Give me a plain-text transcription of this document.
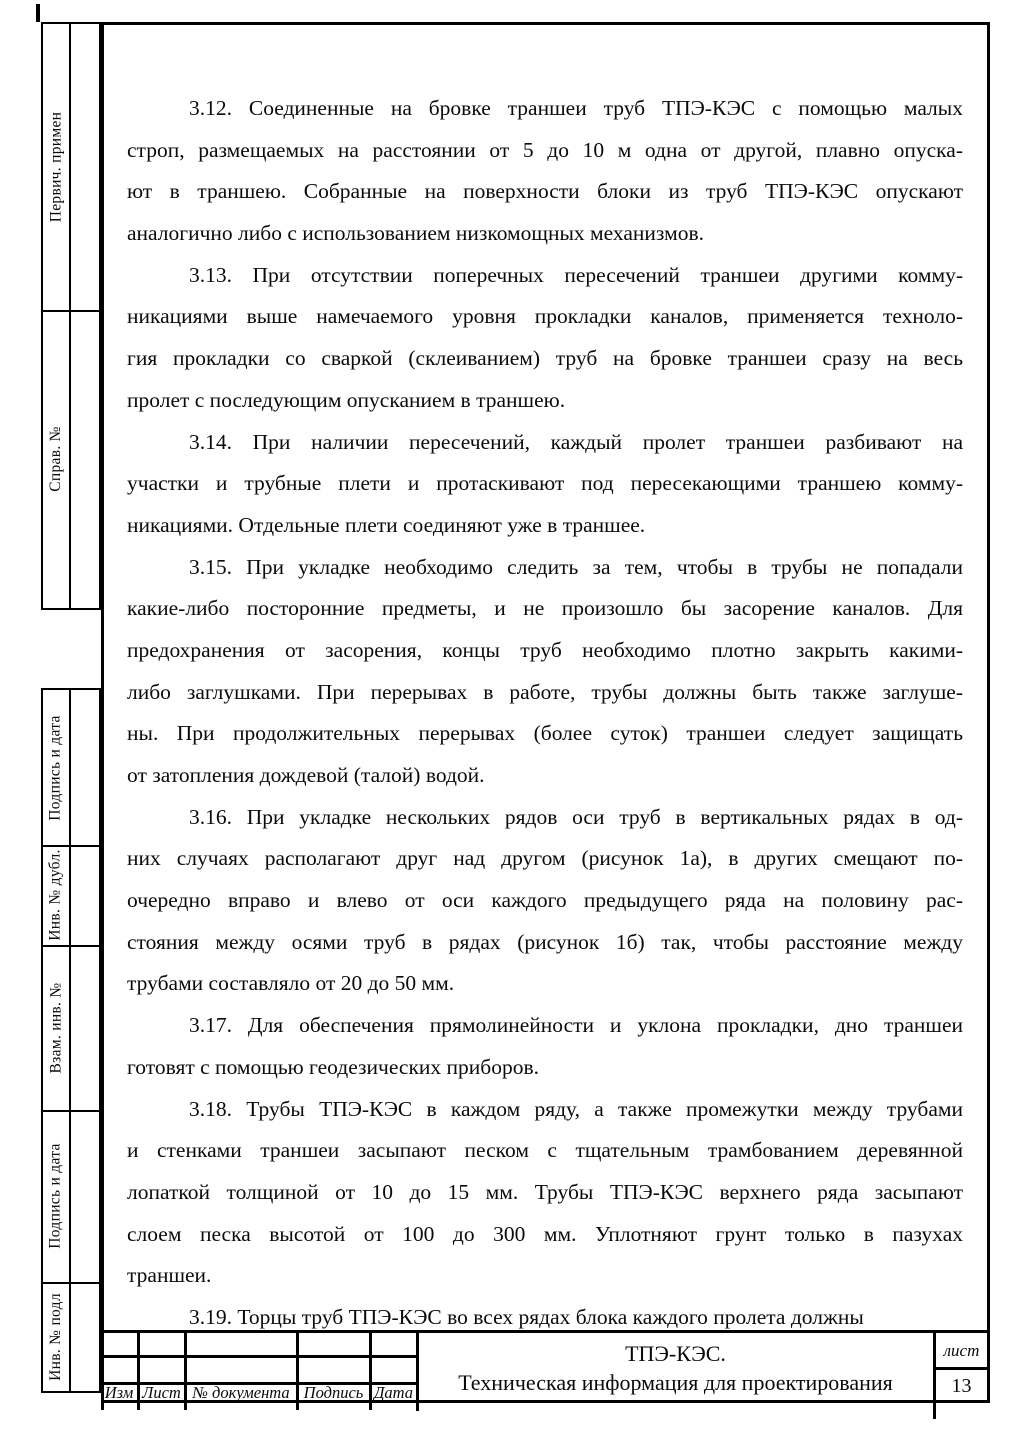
Первич. примен
Справ. №
Подпись и дата
Инв. № дубл.
Взам. инв. №
Подпись и дата
Инв. № подл
3.12. Соединенные на бровке траншеи труб ТПЭ-КЭС с помощью малых
строп, размещаемых на расстоянии от 5 до 10 м одна от другой, плавно опуска-
ют в траншею. Собранные на поверхности блоки из труб ТПЭ-КЭС опускают
аналогично либо с использованием низкомощных механизмов.
3.13. При отсутствии поперечных пересечений траншеи другими комму-
никациями выше намечаемого уровня прокладки каналов, применяется техноло-
гия прокладки со сваркой (склеиванием) труб на бровке траншеи сразу на весь
пролет с последующим опусканием в траншею.
3.14. При наличии пересечений, каждый пролет траншеи разбивают на
участки и трубные плети и протаскивают под пересекающими траншею комму-
никациями. Отдельные плети соединяют уже в траншее.
3.15. При укладке необходимо следить за тем, чтобы в трубы не попадали
какие-либо посторонние предметы, и не произошло бы засорение каналов. Для
предохранения от засорения, концы труб необходимо плотно закрыть какими-
либо заглушками. При перерывах в работе, трубы должны быть также заглуше-
ны. При продолжительных перерывах (более суток) траншеи следует защищать
от затопления дождевой (талой) водой.
3.16. При укладке нескольких рядов оси труб в вертикальных рядах в од-
них случаях располагают друг над другом (рисунок 1а), в других смещают по-
очередно вправо и влево от оси каждого предыдущего ряда на половину рас-
стояния между осями труб в рядах (рисунок 1б) так, чтобы расстояние между
трубами составляло от 20 до 50 мм.
3.17. Для обеспечения прямолинейности и уклона прокладки, дно траншеи
готовят с помощью геодезических приборов.
3.18. Трубы ТПЭ-КЭС в каждом ряду, а также промежутки между трубами
и стенками траншеи засыпают песком с тщательным трамбованием деревянной
лопаткой толщиной от 10 до 15 мм. Трубы ТПЭ-КЭС верхнего ряда засыпают
слоем песка высотой от 100 до 300 мм. Уплотняют грунт только в пазухах
траншеи.
3.19. Торцы труб ТПЭ-КЭС во всех рядах блока каждого пролета должны
Изм Лист № документа Подпись Дата
ТПЭ-КЭС.
Техническая информация для проектирования
лист
13
